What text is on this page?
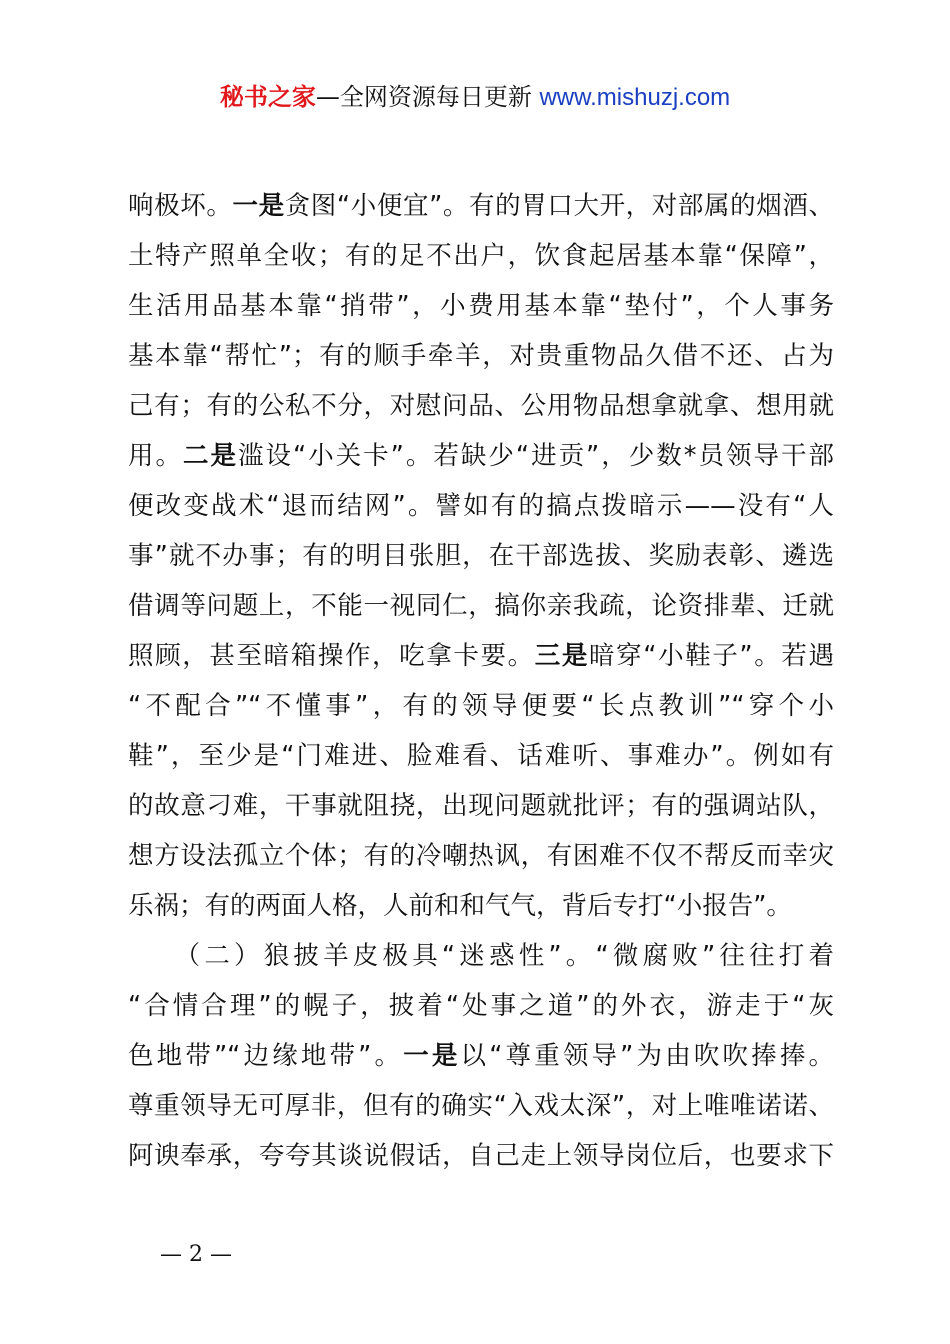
秘书之家—全网资源每日更新 www.mishuzj.com
响极坏。一是贪图“小便宜”。有的胃口大开，对部属的烟酒、
土特产照单全收；有的足不出户，饮食起居基本靠“保障”，
生活用品基本靠“捎带”，小费用基本靠“垫付”，个人事务
基本靠“帮忙”；有的顺手牵羊，对贵重物品久借不还、占为
己有；有的公私不分，对慰问品、公用物品想拿就拿、想用就
用。二是滥设“小关卡”。若缺少“进贡”，少数*员领导干部
便改变战术“退而结网”。譬如有的搞点拨暗示——没有“人
事”就不办事；有的明目张胆，在干部选拔、奖励表彰、遴选
借调等问题上，不能一视同仁，搞你亲我疏，论资排辈、迁就
照顾，甚至暗箱操作，吃拿卡要。三是暗穿“小鞋子”。若遇
“不配合”“不懂事”，有的领导便要“长点教训”“穿个小
鞋”，至少是“门难进、脸难看、话难听、事难办”。例如有
的故意刁难，干事就阻挠，出现问题就批评；有的强调站队，
想方设法孤立个体；有的冷嘲热讽，有困难不仅不帮反而幸灾
乐祸；有的两面人格，人前和和气气，背后专打“小报告”。
　　（二）狼披羊皮极具“迷惑性”。“微腐败”往往打着
“合情合理”的幌子，披着“处事之道”的外衣，游走于“灰
色地带”“边缘地带”。一是以“尊重领导”为由吹吹捧捧。
尊重领导无可厚非，但有的确实“入戏太深”，对上唯唯诺诺、
阿谀奉承，夸夸其谈说假话，自己走上领导岗位后，也要求下
— 2 —
